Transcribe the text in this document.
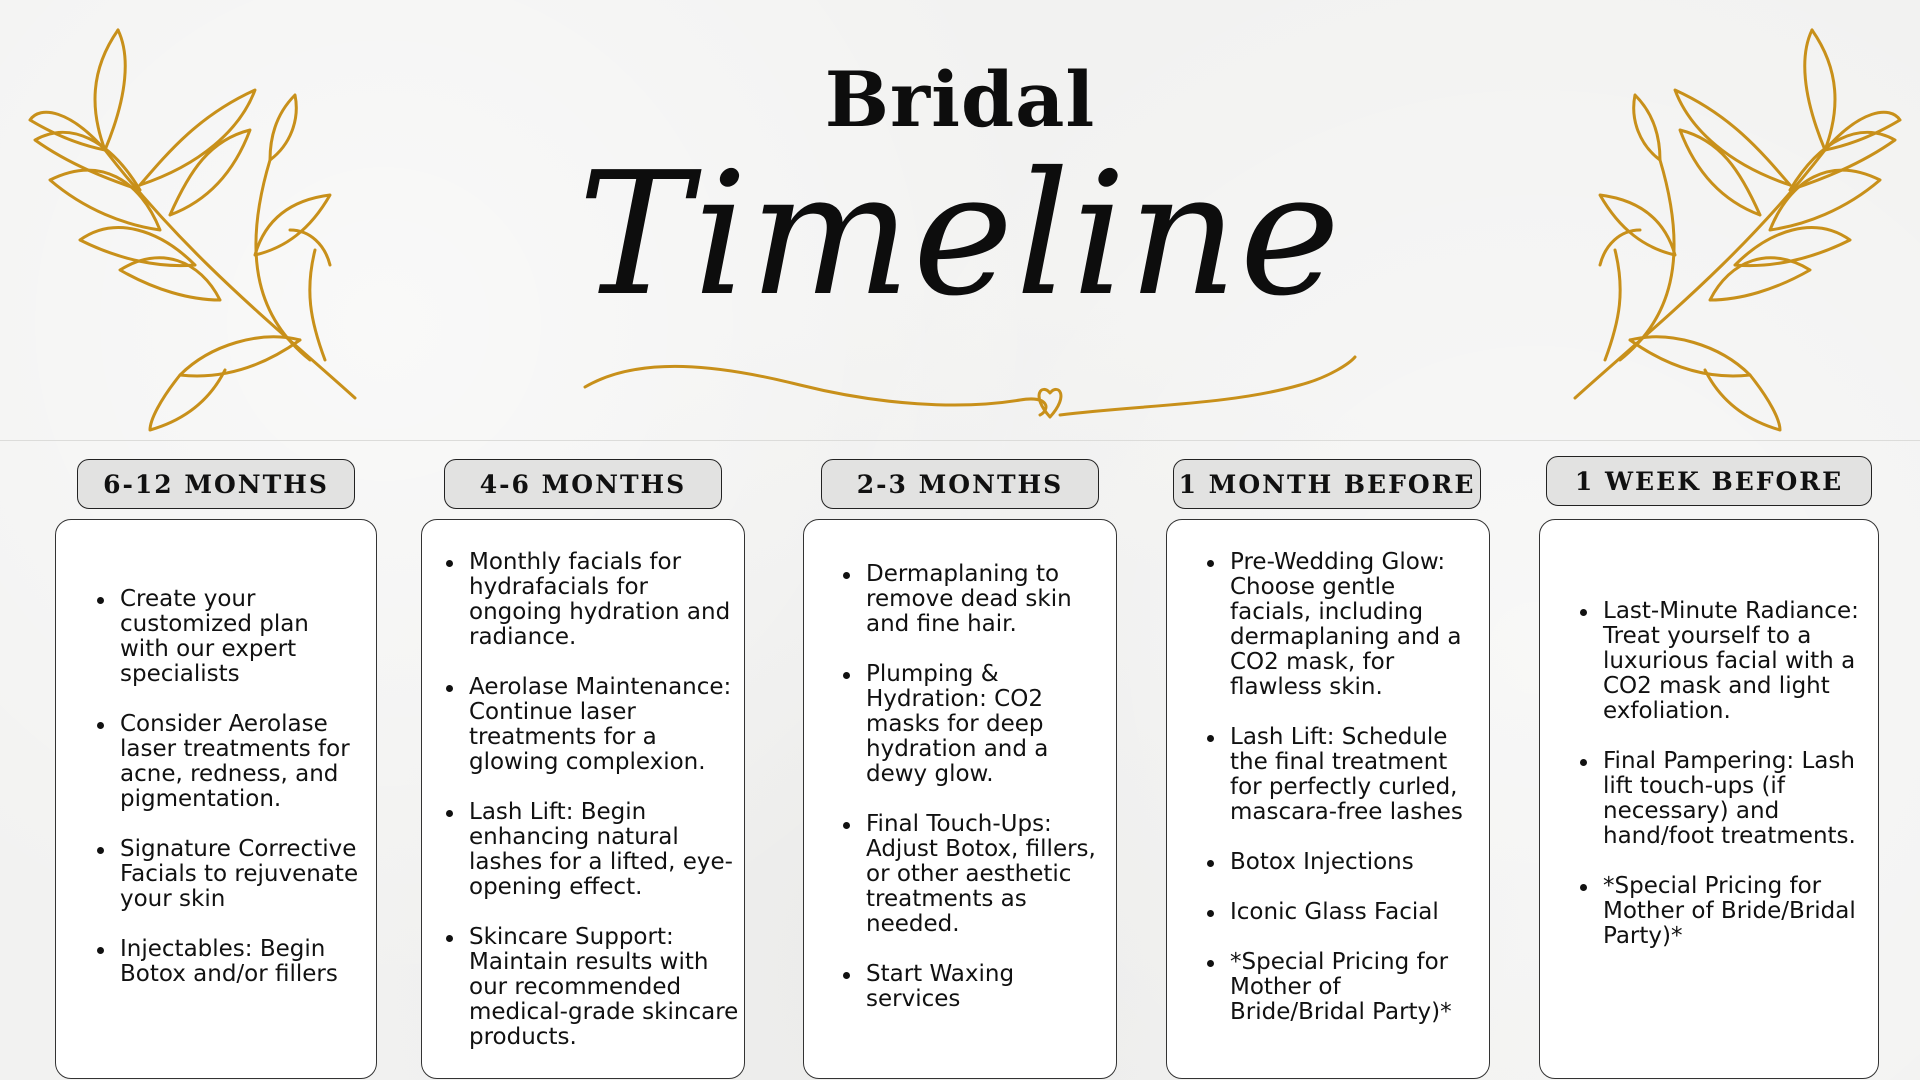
Bridal
Timeline
6-12 MONTHS
Create your customized plan with our expert specialists
Consider Aerolase laser treatments for acne, redness, and pigmentation.
Signature Corrective Facials to rejuvenate your skin
Injectables: Begin Botox and/or fillers
4-6 MONTHS
Monthly facials for hydrafacials for ongoing hydration and radiance.
Aerolase Maintenance: Continue laser treatments for a glowing complexion.
Lash Lift: Begin enhancing natural lashes for a lifted, eye-opening effect.
Skincare Support: Maintain results with our recommended medical-grade skincare products.
2-3 MONTHS
Dermaplaning to remove dead skin and fine hair.
Plumping & Hydration: CO2 masks for deep hydration and a dewy glow.
Final Touch-Ups: Adjust Botox, fillers, or other aesthetic treatments as needed.
Start Waxing services
1 MONTH BEFORE
Pre-Wedding Glow: Choose gentle facials, including dermaplaning and a CO2 mask, for flawless skin.
Lash Lift: Schedule the final treatment for perfectly curled, mascara-free lashes
Botox Injections
Iconic Glass Facial
*Special Pricing for Mother of Bride/Bridal Party)*
1 WEEK BEFORE
Last-Minute Radiance: Treat yourself to a luxurious facial with a CO2 mask and light exfoliation.
Final Pampering: Lash lift touch-ups (if necessary) and hand/foot treatments.
*Special Pricing for Mother of Bride/Bridal Party)*
